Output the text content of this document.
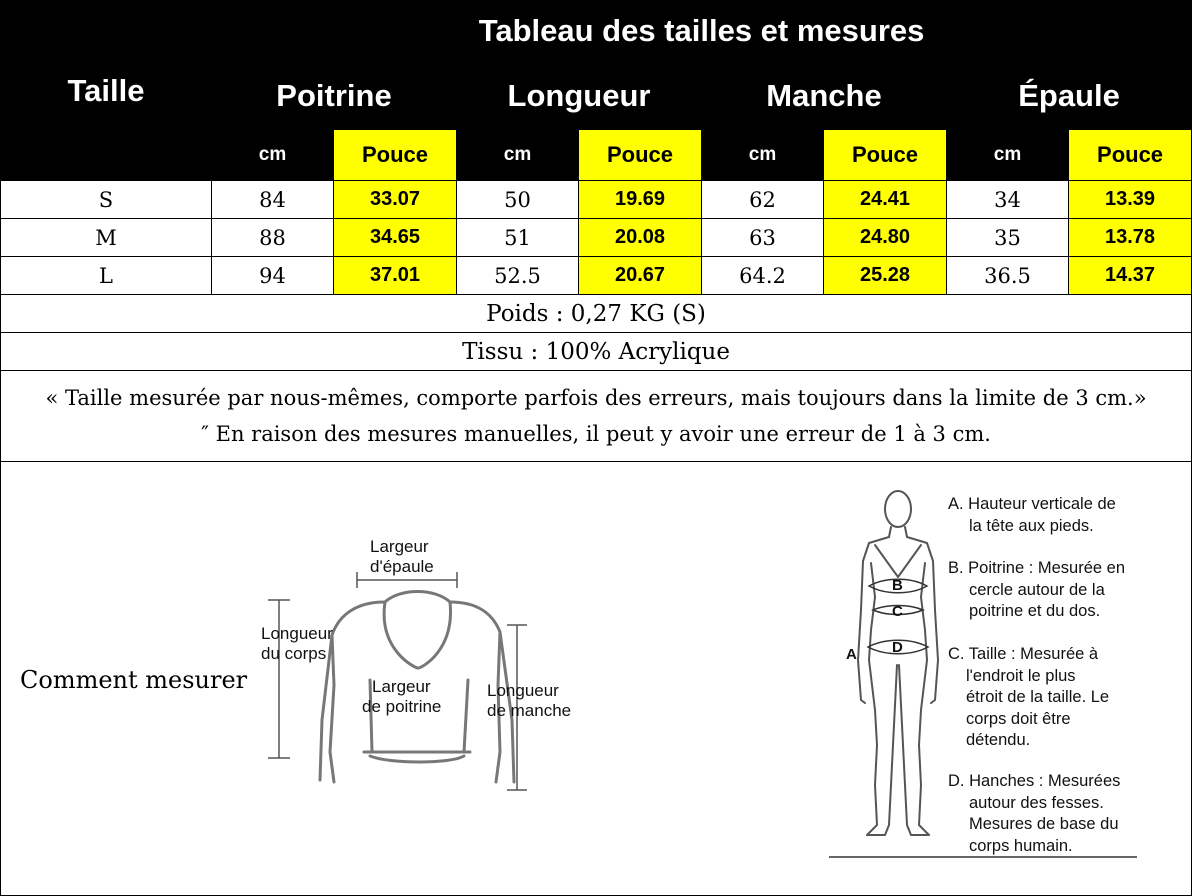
Taille	Tableau des tailles et mesures							
	Poitrine		Longueur		Manche		Épaule	
	cm	Pouce	cm	Pouce	cm	Pouce	cm	Pouce
S	84	33.07	50	19.69	62	24.41	34	13.39
M	88	34.65	51	20.08	63	24.80	35	13.78
L	94	37.01	52.5	20.67	64.2	25.28	36.5	14.37
Poids : 0,27 KG (S)								
Tissu : 100% Acrylique								

« Taille mesurée par nous-mêmes, comporte parfois des erreurs, mais toujours dans la limite de 3 cm.»
″ En raison des mesures manuelles, il peut y avoir une erreur de 1 à 3 cm.								
Comment mesurer
Largeur
d'épaule
Longueur
du corps
Largeur
de poitrine
Longueur
de manche
A
B
C
D
A. Hauteur verticale de
la tête aux pieds.
B. Poitrine : Mesurée en
cercle autour de la
poitrine et du dos.
C. Taille : Mesurée à
l'endroit le plus
étroit de la taille. Le
corps doit être
détendu.
D. Hanches : Mesurées
autour des fesses.
Mesures de base du
corps humain.
